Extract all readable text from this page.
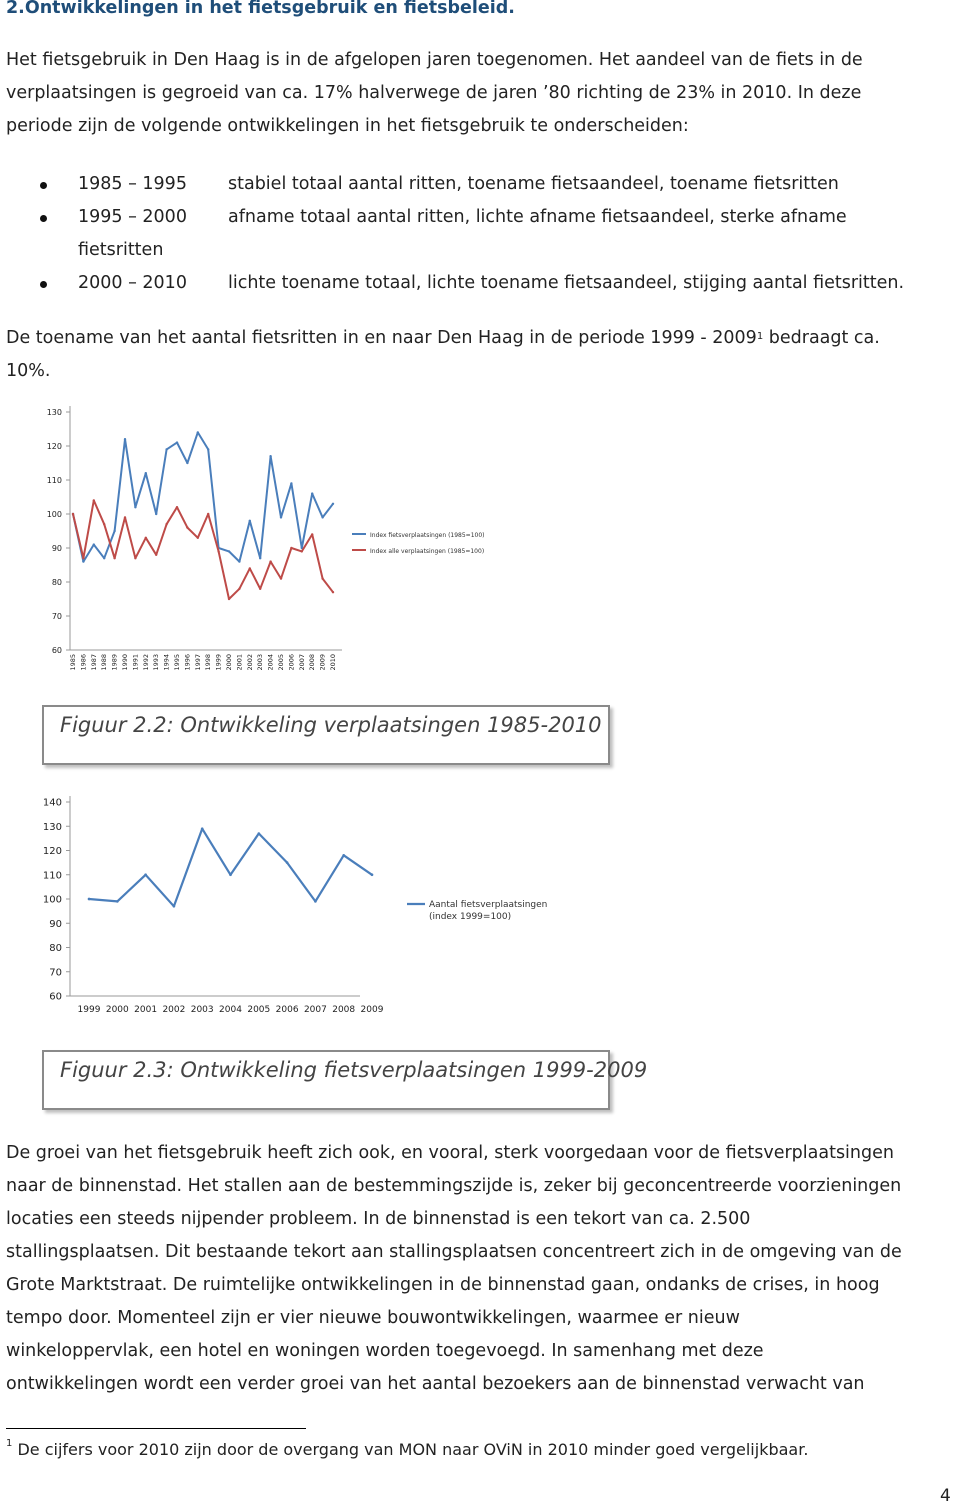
2.Ontwikkelingen in het fietsgebruik en fietsbeleid.
Het fietsgebruik in Den Haag is in de afgelopen jaren toegenomen. Het aandeel van de fiets in de
verplaatsingen is gegroeid van ca. 17% halverwege de jaren ’80 richting de 23% in 2010. In deze
periode zijn de volgende ontwikkelingen in het fietsgebruik te onderscheiden:
1985 – 1995 stabiel totaal aantal ritten, toename fietsaandeel, toename fietsritten
1995 – 2000 afname totaal aantal ritten, lichte afname fietsaandeel, sterke afname
fietsritten
2000 – 2010 lichte toename totaal, lichte toename fietsaandeel, stijging aantal fietsritten.
De toename van het aantal fietsritten in en naar Den Haag in de periode 1999 - 2009$^1$ bedraagt ca.
10%.
60
70
80
90
100
110
120
130
1985 1986 1987 1988 1989 1990 1991 1992 1993 1994 1995 1996 1997 1998 1999 2000 2001 2002 2003 2004 2005 2006 2007 2008 2009 2010
Index fietsverplaatsingen (1985=100)
Index alle verplaatsingen (1985=100)
Figuur 2.2: Ontwikkeling verplaatsingen 1985-2010
60
70
80
90
100
110
120
130
140
1999 2000 2001 2002 2003 2004 2005 2006 2007 2008 2009
Aantal fietsverplaatsingen
(index 1999=100)
Figuur 2.3: Ontwikkeling fietsverplaatsingen 1999-2009
De groei van het fietsgebruik heeft zich ook, en vooral, sterk voorgedaan voor de fietsverplaatsingen
naar de binnenstad. Het stallen aan de bestemmingszijde is, zeker bij geconcentreerde voorzieningen
locaties een steeds nijpender probleem. In de binnenstad is een tekort van ca. 2.500
stallingsplaatsen. Dit bestaande tekort aan stallingsplaatsen concentreert zich in de omgeving van de
Grote Marktstraat. De ruimtelijke ontwikkelingen in de binnenstad gaan, ondanks de crises, in hoog
tempo door. Momenteel zijn er vier nieuwe bouwontwikkelingen, waarmee er nieuw
winkeloppervlak, een hotel en woningen worden toegevoegd. In samenhang met deze
ontwikkelingen wordt een verder groei van het aantal bezoekers aan de binnenstad verwacht van
$^1$ De cijfers voor 2010 zijn door de overgang van MON naar OViN in 2010 minder goed vergelijkbaar.
4
